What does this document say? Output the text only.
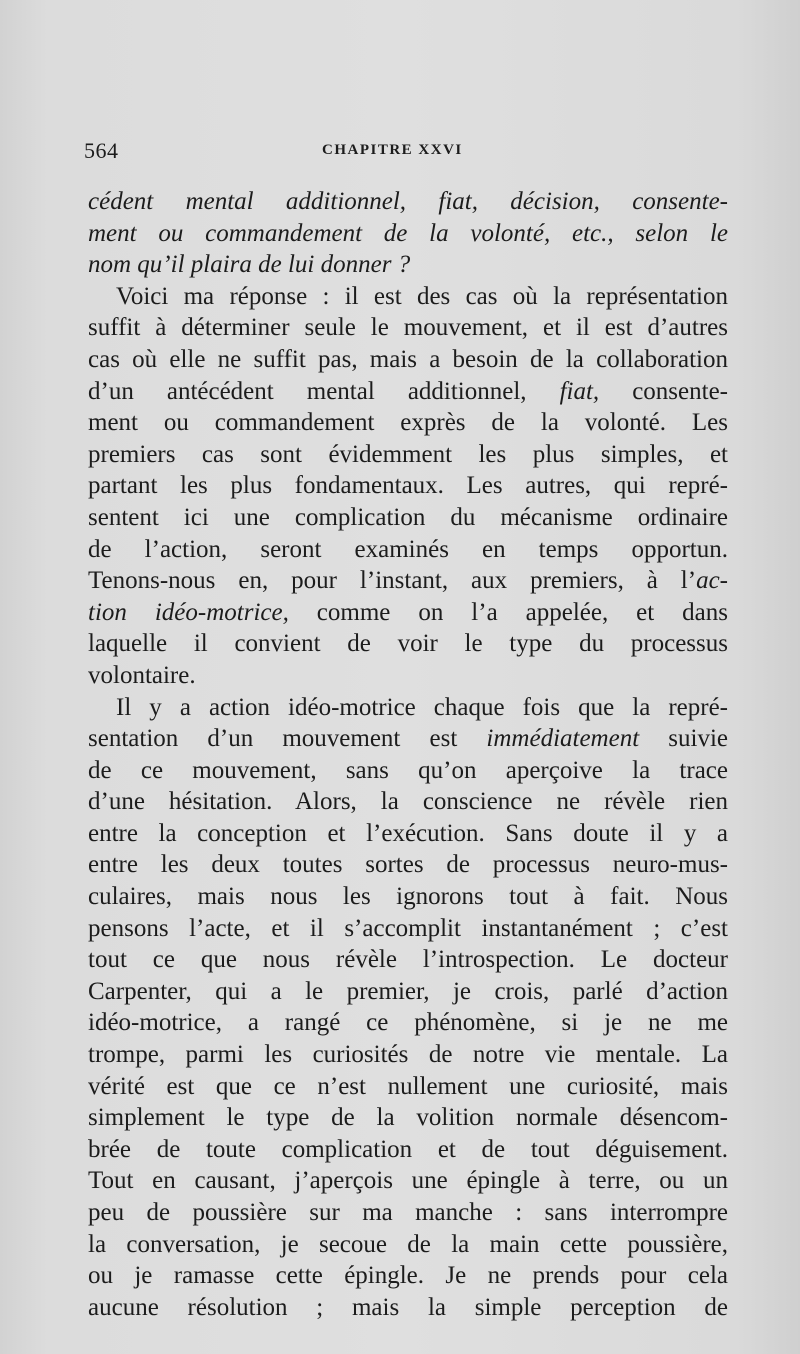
564	CHAPITRE XXVI
cédent mental additionnel, fiat, décision, consente-
ment ou commandement de la volonté, etc., selon le
nom qu’il plaira de lui donner ?
Voici ma réponse : il est des cas où la représentation
suffit à déterminer seule le mouvement, et il est d’autres
cas où elle ne suffit pas, mais a besoin de la collaboration
d’un antécédent mental additionnel, fiat, consente-
ment ou commandement exprès de la volonté. Les
premiers cas sont évidemment les plus simples, et
partant les plus fondamentaux. Les autres, qui repré-
sentent ici une complication du mécanisme ordinaire
de l’action, seront examinés en temps opportun.
Tenons-nous en, pour l’instant, aux premiers, à l’ac-
tion idéo-motrice, comme on l’a appelée, et dans
laquelle il convient de voir le type du processus
volontaire.
Il y a action idéo-motrice chaque fois que la repré-
sentation d’un mouvement est immédiatement suivie
de ce mouvement, sans qu’on aperçoive la trace
d’une hésitation. Alors, la conscience ne révèle rien
entre la conception et l’exécution. Sans doute il y a
entre les deux toutes sortes de processus neuro-mus-
culaires, mais nous les ignorons tout à fait. Nous
pensons l’acte, et il s’accomplit instantanément ; c’est
tout ce que nous révèle l’introspection. Le docteur
Carpenter, qui a le premier, je crois, parlé d’action
idéo-motrice, a rangé ce phénomène, si je ne me
trompe, parmi les curiosités de notre vie mentale. La
vérité est que ce n’est nullement une curiosité, mais
simplement le type de la volition normale désencom-
brée de toute complication et de tout déguisement.
Tout en causant, j’aperçois une épingle à terre, ou un
peu de poussière sur ma manche : sans interrompre
la conversation, je secoue de la main cette poussière,
ou je ramasse cette épingle. Je ne prends pour cela
aucune résolution ; mais la simple perception de
